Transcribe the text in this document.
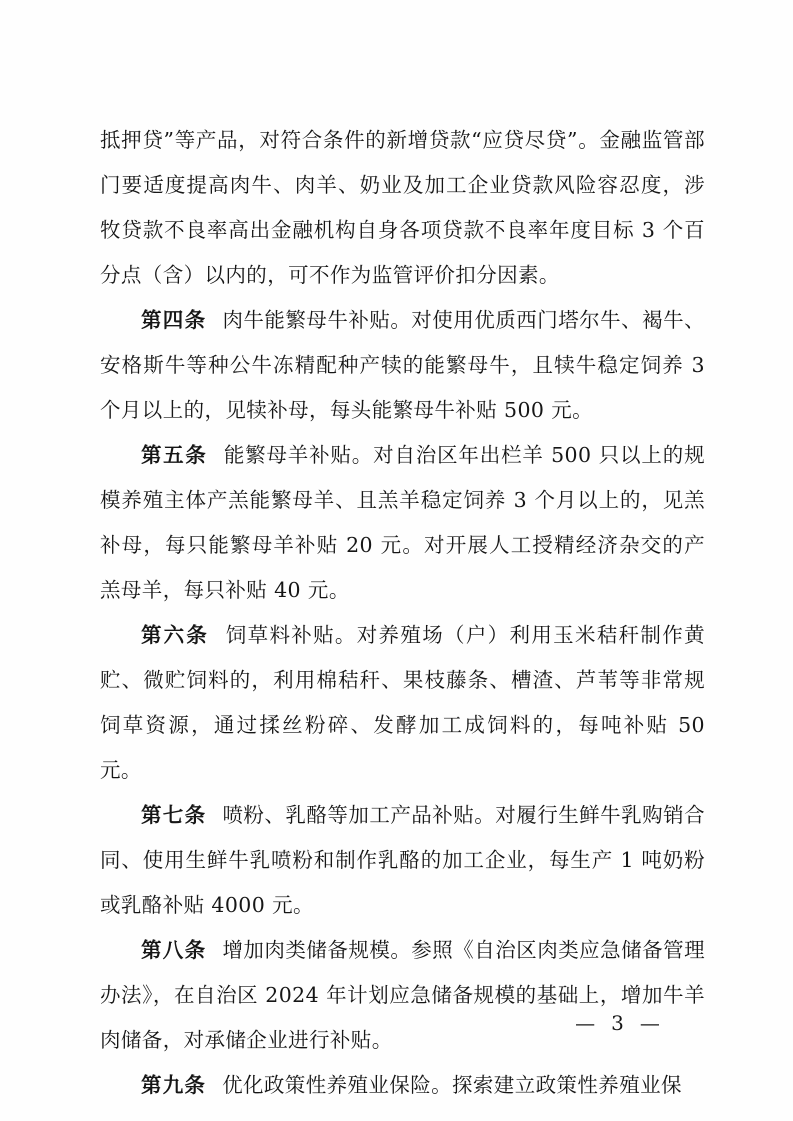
抵押贷”等产品，对符合条件的新增贷款“应贷尽贷”。金融监管部门要适度提高肉牛、肉羊、奶业及加工企业贷款风险容忍度，涉牧贷款不良率高出金融机构自身各项贷款不良率年度目标 3 个百分点（含）以内的，可不作为监管评价扣分因素。

第四条 肉牛能繁母牛补贴。对使用优质西门塔尔牛、褐牛、安格斯牛等种公牛冻精配种产犊的能繁母牛，且犊牛稳定饲养 3 个月以上的，见犊补母，每头能繁母牛补贴 500 元。

第五条 能繁母羊补贴。对自治区年出栏羊 500 只以上的规模养殖主体产羔能繁母羊、且羔羊稳定饲养 3 个月以上的，见羔补母，每只能繁母羊补贴 20 元。对开展人工授精经济杂交的产羔母羊，每只补贴 40 元。

第六条 饲草料补贴。对养殖场（户）利用玉米秸秆制作黄贮、微贮饲料的，利用棉秸秆、果枝藤条、槽渣、芦苇等非常规饲草资源，通过揉丝粉碎、发酵加工成饲料的，每吨补贴 50 元。

第七条 喷粉、乳酪等加工产品补贴。对履行生鲜牛乳购销合同、使用生鲜牛乳喷粉和制作乳酪的加工企业，每生产 1 吨奶粉或乳酪补贴 4000 元。

第八条 增加肉类储备规模。参照《自治区肉类应急储备管理办法》，在自治区 2024 年计划应急储备规模的基础上，增加牛羊肉储备，对承储企业进行补贴。

第九条 优化政策性养殖业保险。探索建立政策性养殖业保

— 3 —
